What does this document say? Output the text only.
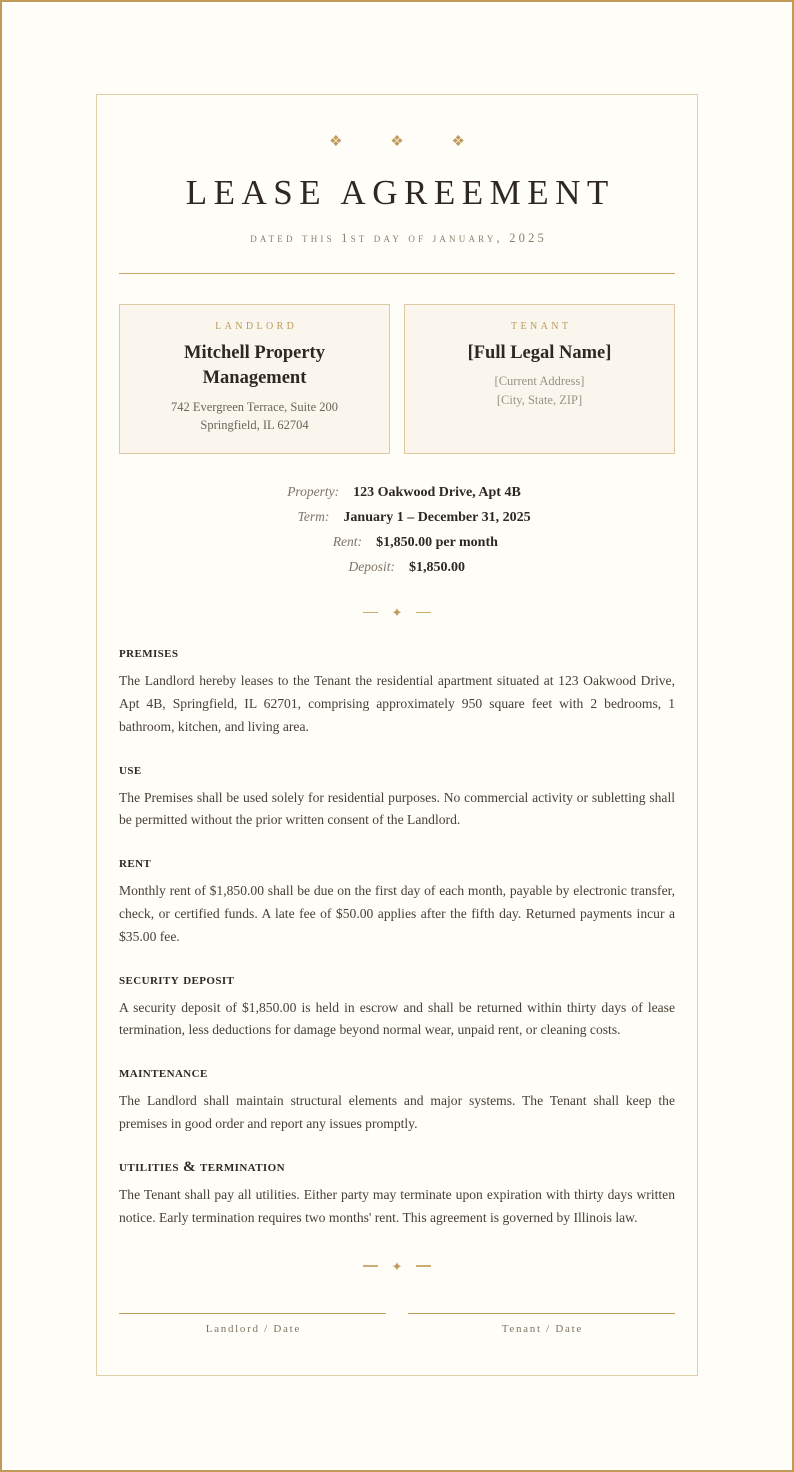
❖ ❖ ❖
LEASE AGREEMENT
dated this 1st day of january, 2025
LANDLORD
Mitchell Property Management
742 Evergreen Terrace, Suite 200
Springfield, IL 62704
TENANT
[Full Legal Name]
[Current Address]
[City, State, ZIP]
Property:	123 Oakwood Drive, Apt 4B
Term:	January 1 – December 31, 2025
Rent:	$1,850.00 per month
Deposit:	$1,850.00
✦
premises

The Landlord hereby leases to the Tenant the residential apartment situated at 123 Oakwood Drive, Apt 4B, Springfield, IL 62701, comprising approximately 950 square feet with 2 bedrooms, 1 bathroom, kitchen, and living area.

use

The Premises shall be used solely for residential purposes. No commercial activity or subletting shall be permitted without the prior written consent of the Landlord.

rent

Monthly rent of $1,850.00 shall be due on the first day of each month, payable by electronic transfer, check, or certified funds. A late fee of $50.00 applies after the fifth day. Returned payments incur a $35.00 fee.

security deposit

A security deposit of $1,850.00 is held in escrow and shall be returned within thirty days of lease termination, less deductions for damage beyond normal wear, unpaid rent, or cleaning costs.

maintenance

The Landlord shall maintain structural elements and major systems. The Tenant shall keep the premises in good order and report any issues promptly.

utilities & termination

The Tenant shall pay all utilities. Either party may terminate upon expiration with thirty days written notice. Early termination requires two months' rent. This agreement is governed by Illinois law.

✦
Landlord / Date	Tenant / Date
